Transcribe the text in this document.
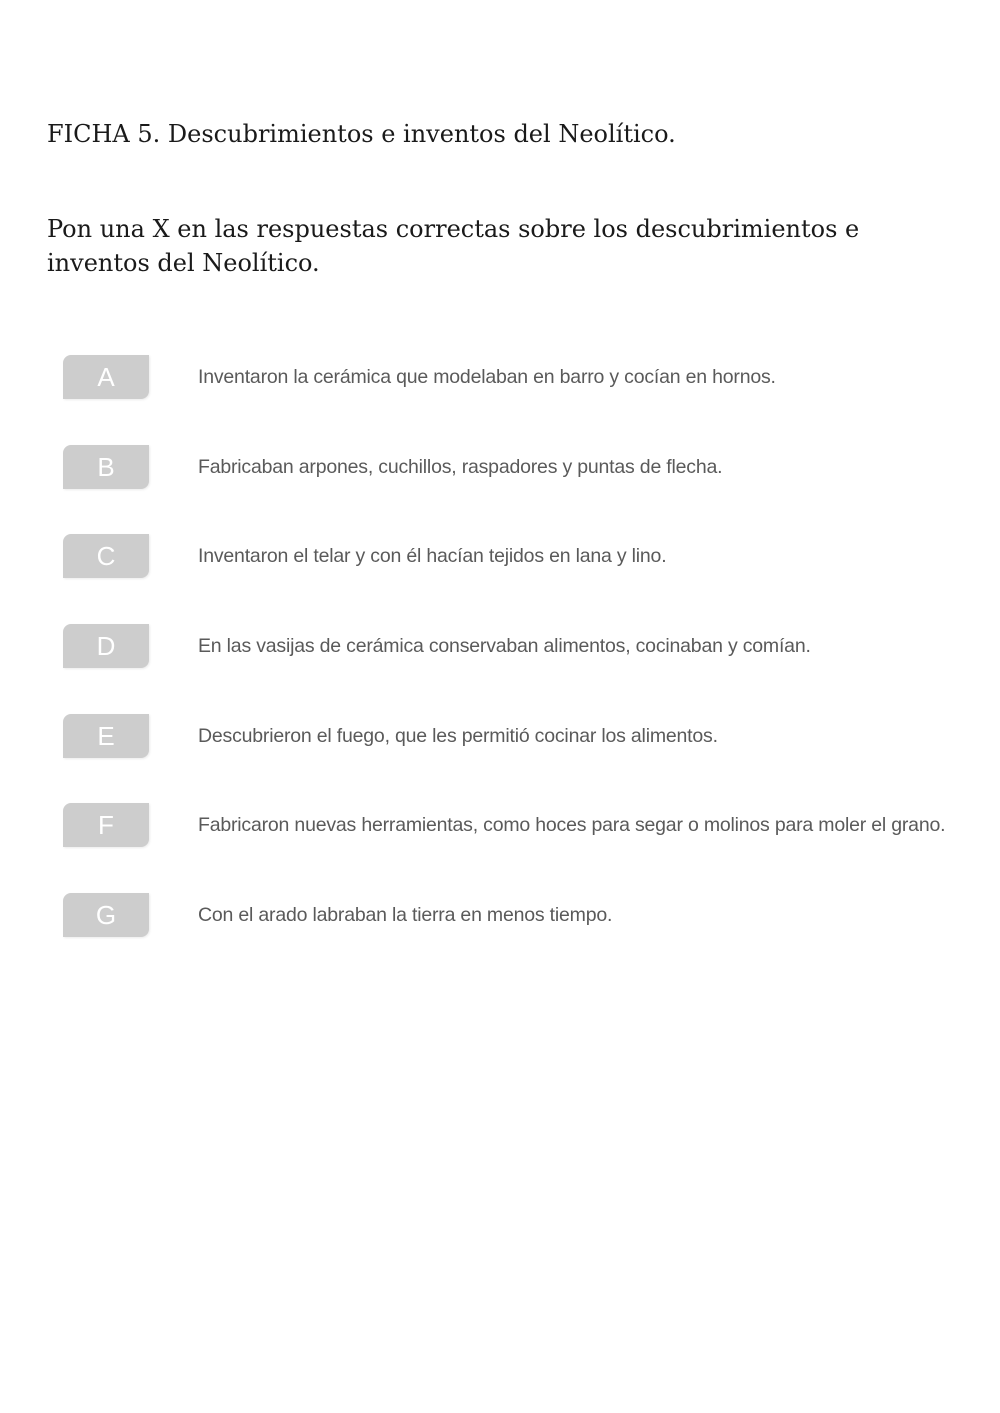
FICHA 5. Descubrimientos e inventos del Neolítico.
Pon una X en las respuestas correctas sobre los descubrimientos e inventos del Neolítico.
A	Inventaron la cerámica que modelaban en barro y cocían en hornos.
B	Fabricaban arpones, cuchillos, raspadores y puntas de flecha.
C	Inventaron el telar y con él hacían tejidos en lana y lino.
D	En las vasijas de cerámica conservaban alimentos, cocinaban y comían.
E	Descubrieron el fuego, que les permitió cocinar los alimentos.
F	Fabricaron nuevas herramientas, como hoces para segar o molinos para moler el grano.
G	Con el arado labraban la tierra en menos tiempo.
